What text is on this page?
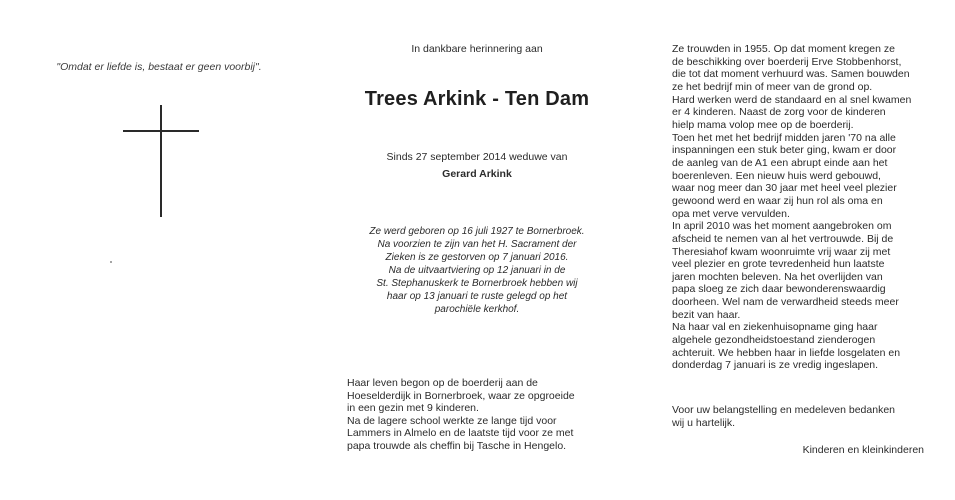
"Omdat er liefde is, bestaat er geen voorbij".
In dankbare herinnering aan
Trees Arkink - Ten Dam
Sinds 27 september 2014 weduwe van
Gerard Arkink
Ze werd geboren op 16 juli 1927 te Bornerbroek.
Na voorzien te zijn van het H. Sacrament der
Zieken is ze gestorven op 7 januari 2016.
Na de uitvaartviering op 12 januari in de
St. Stephanuskerk te Bornerbroek hebben wij
haar op 13 januari te ruste gelegd op het
parochiële kerkhof.
Haar leven begon op de boerderij aan de
Hoeselderdijk in Bornerbroek, waar ze opgroeide
in een gezin met 9 kinderen.
Na de lagere school werkte ze lange tijd voor
Lammers in Almelo en de laatste tijd voor ze met
papa trouwde als cheffin bij Tasche in Hengelo.
Ze trouwden in 1955. Op dat moment kregen ze
de beschikking over boerderij Erve Stobbenhorst,
die tot dat moment verhuurd was. Samen bouwden
ze het bedrijf min of meer van de grond op.
Hard werken werd de standaard en al snel kwamen
er 4 kinderen. Naast de zorg voor de kinderen
hielp mama volop mee op de boerderij.
Toen het met het bedrijf midden jaren '70 na alle
inspanningen een stuk beter ging, kwam er door
de aanleg van de A1 een abrupt einde aan het
boerenleven. Een nieuw huis werd gebouwd,
waar nog meer dan 30 jaar met heel veel plezier
gewoond werd en waar zij hun rol als oma en
opa met verve vervulden.
In april 2010 was het moment aangebroken om
afscheid te nemen van al het vertrouwde. Bij de
Theresiahof kwam woonruimte vrij waar zij met
veel plezier en grote tevredenheid hun laatste
jaren mochten beleven. Na het overlijden van
papa sloeg ze zich daar bewonderenswaardig
doorheen. Wel nam de verwardheid steeds meer
bezit van haar.
Na haar val en ziekenhuisopname ging haar
algehele gezondheidstoestand zienderogen
achteruit. We hebben haar in liefde losgelaten en
donderdag 7 januari is ze vredig ingeslapen.
Voor uw belangstelling en medeleven bedanken
wij u hartelijk.
Kinderen en kleinkinderen
